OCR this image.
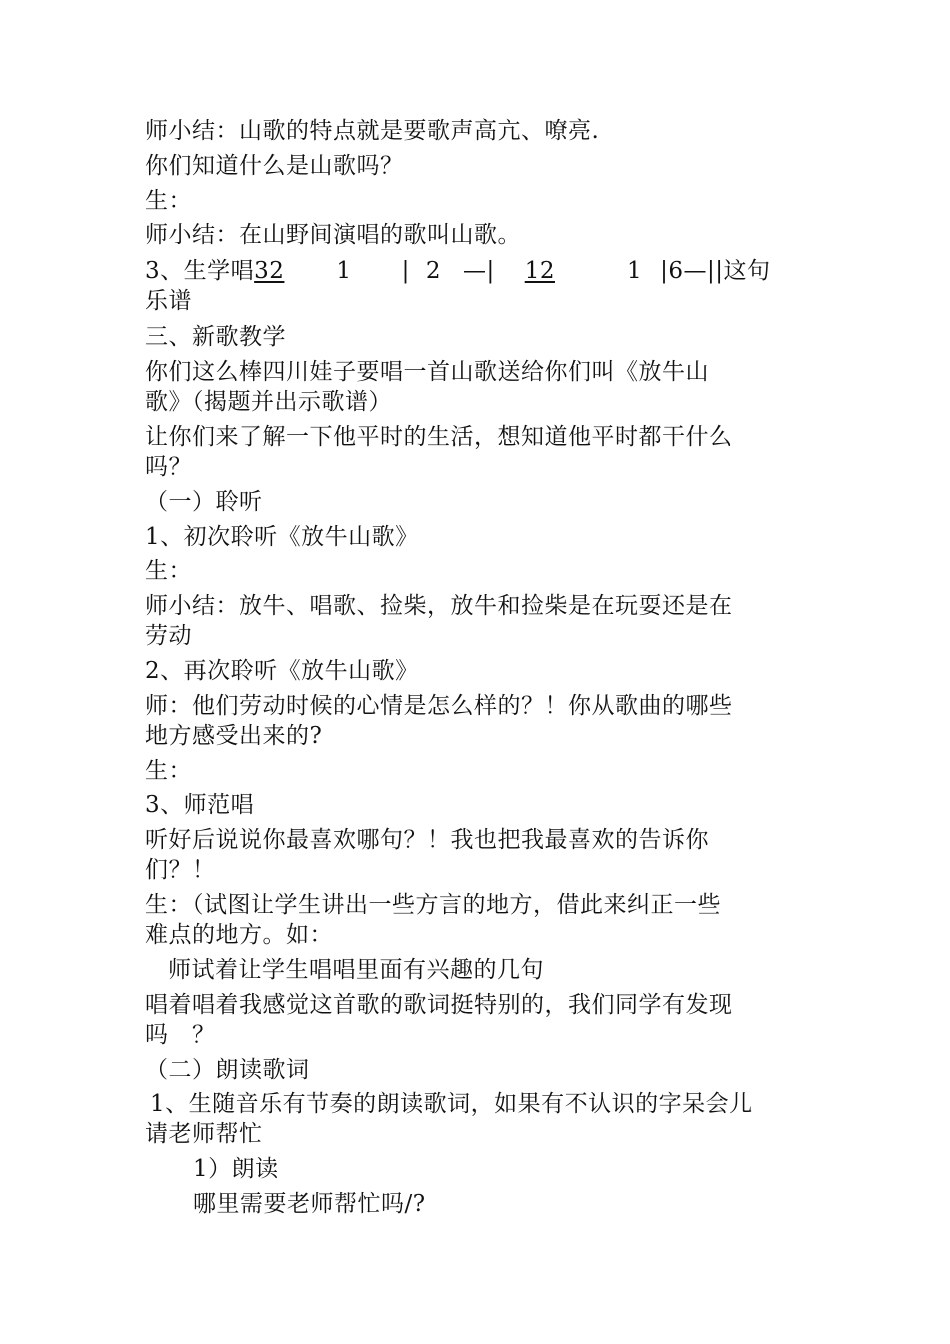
师小结：山歌的特点就是要歌声高亢、嘹亮.
你们知道什么是山歌吗？
生：
师小结：在山野间演唱的歌叫山歌。
3、生学唱32 1 | 2 —| 12	1 |6—||这句
乐谱
三、新歌教学
你们这么棒四川娃子要唱一首山歌送给你们叫《放牛山
歌》（揭题并出示歌谱）
让你们来了解一下他平时的生活，想知道他平时都干什么
吗？
（一）聆听
1、初次聆听《放牛山歌》
生：
师小结：放牛、唱歌、捡柴，放牛和捡柴是在玩耍还是在
劳动
2、再次聆听《放牛山歌》
师：他们劳动时候的心情是怎么样的？！你从歌曲的哪些
地方感受出来的?
生：
3、师范唱
听好后说说你最喜欢哪句？！我也把我最喜欢的告诉你
们？！
生：（试图让学生讲出一些方言的地方，借此来纠正一些
难点的地方。如：
师试着让学生唱唱里面有兴趣的几句
唱着唱着我感觉这首歌的歌词挺特别的，我们同学有发现
吗　？
（二）朗读歌词
1、生随音乐有节奏的朗读歌词，如果有不认识的字呆会儿
请老师帮忙
1）朗读
哪里需要老师帮忙吗/?
